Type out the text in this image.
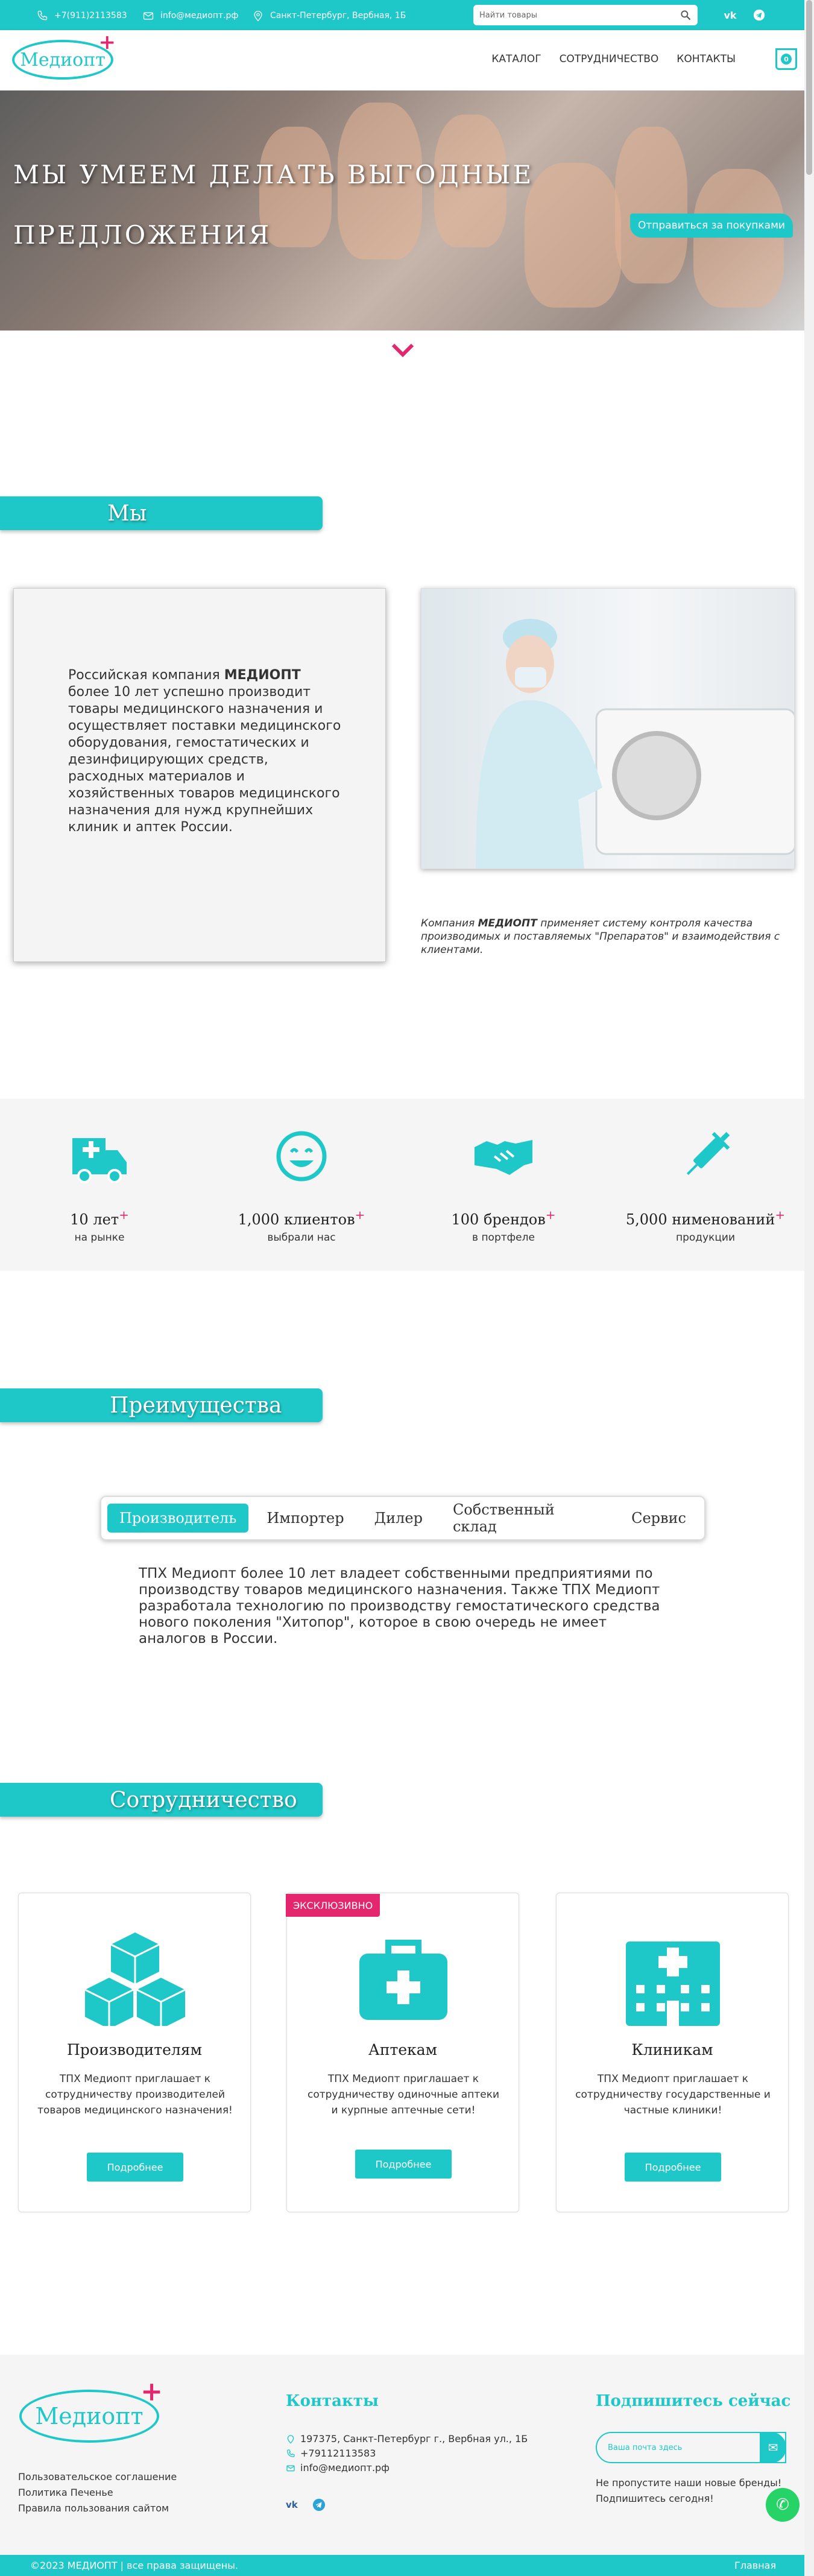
+7(911)2113583	info@медиопт.рф	Санкт-Петербург, Вербная, 1Б	Найти товары	vk
Медиопт
+
КАТАЛОГ СОТРУДНИЧЕСТВО КОНТАКТЫ	0
МЫ УМЕЕМ ДЕЛАТЬ ВЫГОДНЫЕ ПРЕДЛОЖЕНИЯ	Отправиться за покупками
Мы

Российская компания МЕДИОПТ более 10 лет успешно производит товары медицинского назначения и осуществляет поставки медицинского оборудования, гемостатических и дезинфицирующих средств, расходных материалов и хозяйственных товаров медицинского назначения для нужд крупнейших клиник и аптек России.

Компания МЕДИОПТ применяет систему контроля качества производимых и поставляемых "Препаратов" и взаимодействия с клиентами.
10 лет+
на рынке
1,000 клиентов+
выбрали нас
100 брендов+
в портфеле
5,000 нименований+
продукции
Преимущества
Производитель	Импортер	Дилер	Собственный склад	Сервис
ТПХ Медиопт более 10 лет владеет собственными предприятиями по производству товаров медицинского назначения. Также ТПХ Медиопт разработала технологию по производству гемостатического средства нового поколения "Хитопор", которое в свою очередь не имеет аналогов в России.
Сотрудничество
Производителям

ТПХ Медиопт приглашает к сотрудничеству производителей товаров медицинского назначения!

Подробнее
Аптекам

ТПХ Медиопт приглашает к сотрудничеству одиночные аптеки и курпные аптечные сети!

Подробнее
ЭКСКЛЮЗИВНО
Клиникам

ТПХ Медиопт приглашает к сотрудничеству государственные и частные клиники!

Подробнее
Медиопт
+
Пользовательское соглашение
Политика Печенье
Правила пользования сайтом
Контакты
197375, Санкт-Петербург г., Вербная ул., 1Б
+79112113583
info@медиопт.рф
vk
Подпишитесь сейчас
Ваша почта здесь	✉
Не пропустите наши новые бренды!
Подпишитесь сегодня!	✆
©2023 МЕДИОПТ | все права защищены.	Главная
